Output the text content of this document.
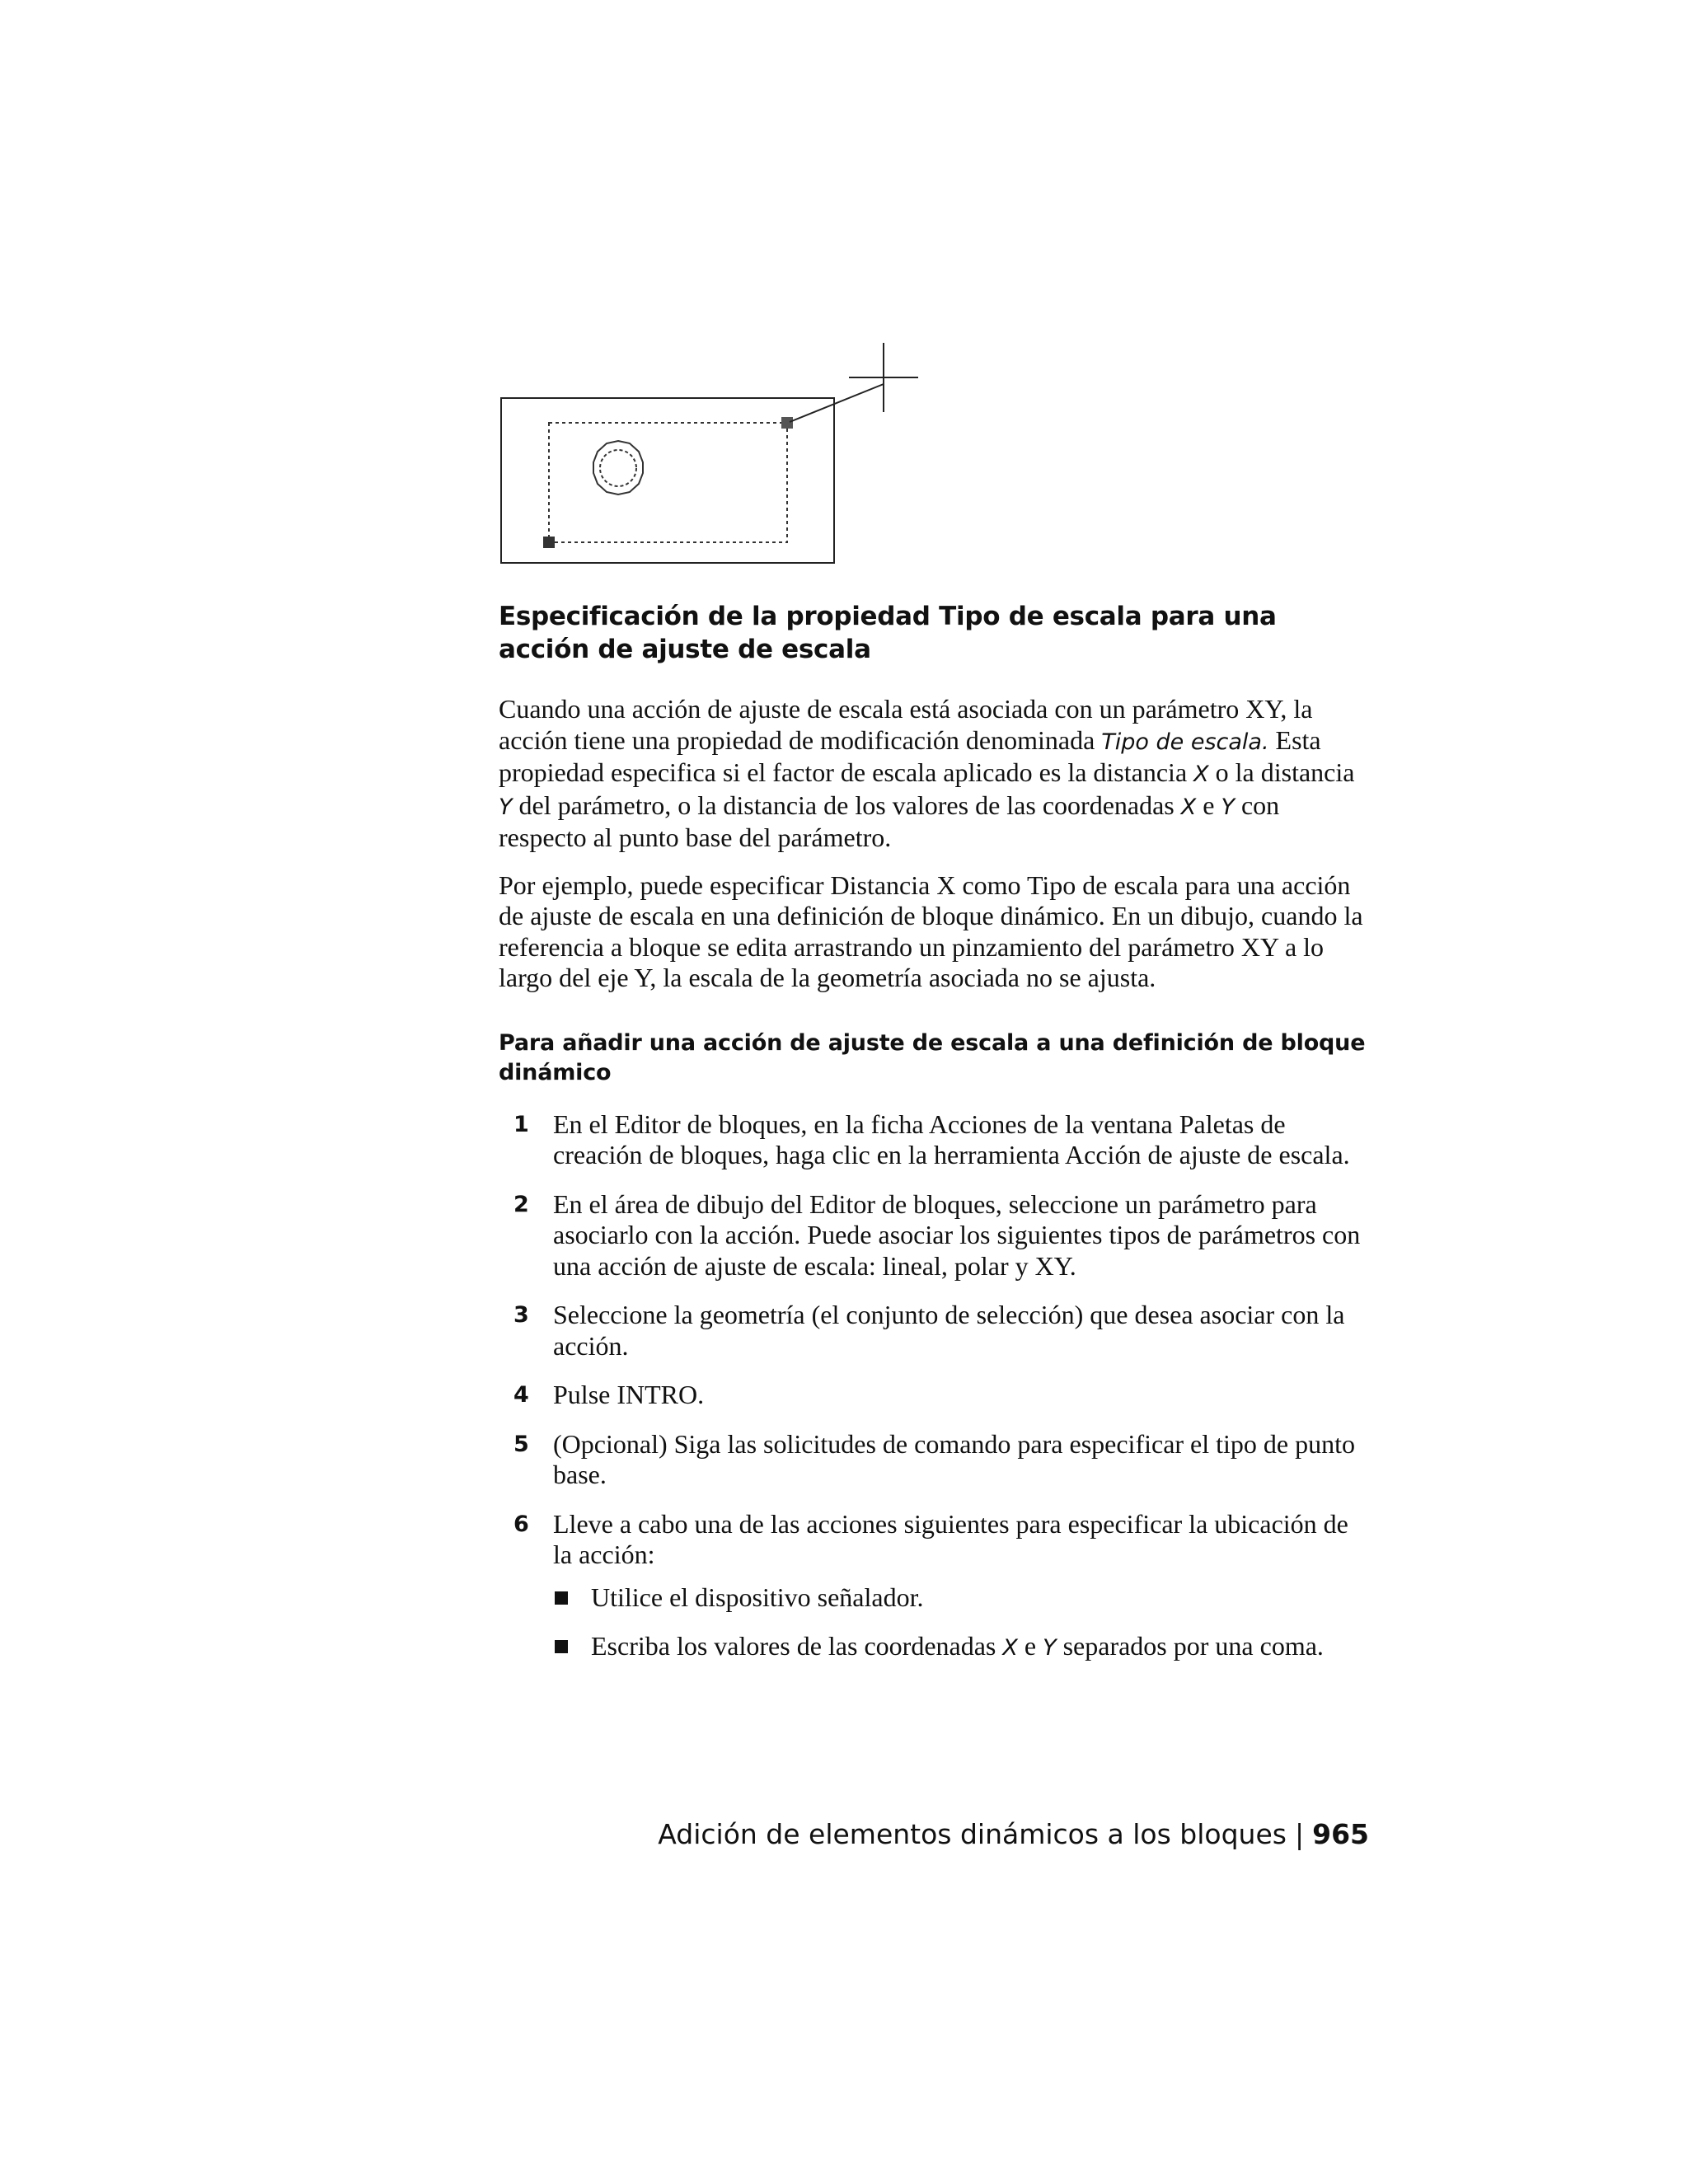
Especificación de la propiedad Tipo de escala para una acción de ajuste de escala

Cuando una acción de ajuste de escala está asociada con un parámetro XY, la acción tiene una propiedad de modificación denominada Tipo de escala. Esta propiedad especifica si el factor de escala aplicado es la distancia X o la distancia Y del parámetro, o la distancia de los valores de las coordenadas X e Y con respecto al punto base del parámetro.

Por ejemplo, puede especificar Distancia X como Tipo de escala para una acción de ajuste de escala en una definición de bloque dinámico. En un dibujo, cuando la referencia a bloque se edita arrastrando un pinzamiento del parámetro XY a lo largo del eje Y, la escala de la geometría asociada no se ajusta.

Para añadir una acción de ajuste de escala a una definición de bloque dinámico
1 En el Editor de bloques, en la ficha Acciones de la ventana Paletas de creación de bloques, haga clic en la herramienta Acción de ajuste de escala.
2 En el área de dibujo del Editor de bloques, seleccione un parámetro para asociarlo con la acción. Puede asociar los siguientes tipos de parámetros con una acción de ajuste de escala: lineal, polar y XY.
3 Seleccione la geometría (el conjunto de selección) que desea asociar con la acción.
4 Pulse INTRO.
5 (Opcional) Siga las solicitudes de comando para especificar el tipo de punto base.
6 Lleve a cabo una de las acciones siguientes para especificar la ubicación de la acción:
Utilice el dispositivo señalador.
Escriba los valores de las coordenadas X e Y separados por una coma.
Adición de elementos dinámicos a los bloques | 965
